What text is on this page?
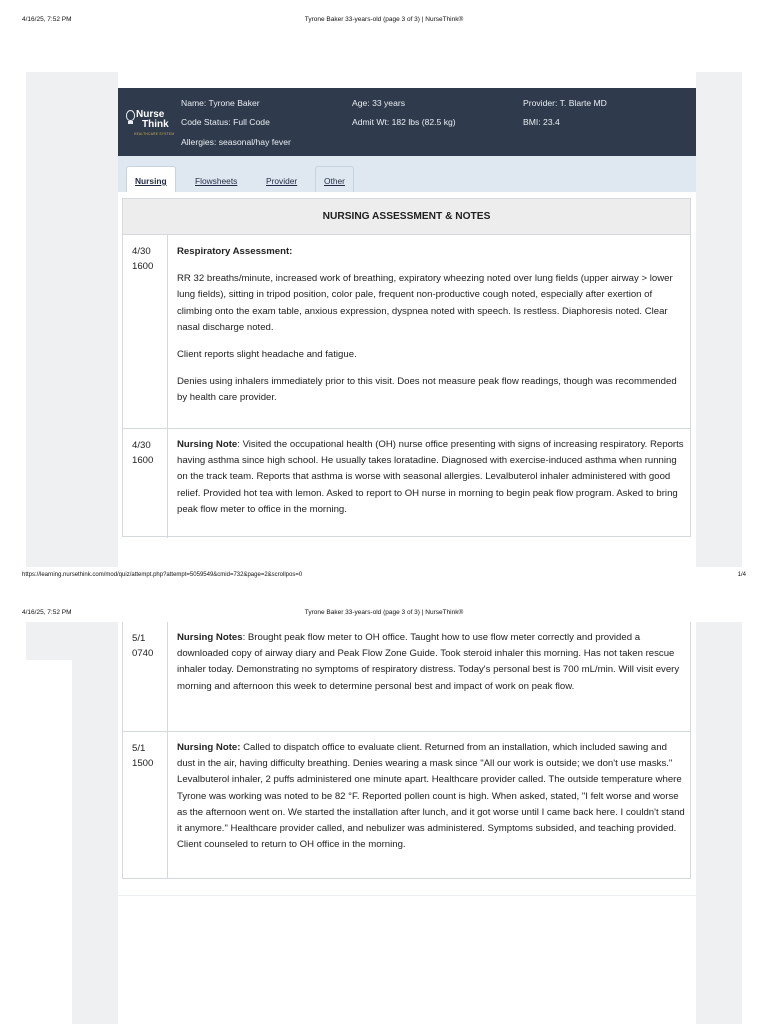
4/16/25, 7:52 PM	Tyrone Baker 33-years-old (page 3 of 3) | NurseThink®
Nurse
Think
HEALTHCARE SYSTEM
Name: Tyrone Baker
Code Status: Full Code
Allergies: seasonal/hay fever
Age: 33 years
Admit Wt: 182 lbs (82.5 kg)
Provider: T. Blarte MD
BMI: 23.4
Nursing	Flowsheets	Provider	Other
NURSING ASSESSMENT & NOTES
4/30
1600

Respiratory Assessment:

RR 32 breaths/minute, increased work of breathing, expiratory wheezing noted over lung fields (upper airway > lower lung fields), sitting in tripod position, color pale, frequent non-productive cough noted, especially after exertion of climbing onto the exam table, anxious expression, dyspnea noted with speech. Is restless. Diaphoresis noted. Clear nasal discharge noted.

Client reports slight headache and fatigue.

Denies using inhalers immediately prior to this visit. Does not measure peak flow readings, though was recommended by health care provider.

4/30
1600
Nursing Note: Visited the occupational health (OH) nurse office presenting with signs of increasing respiratory. Reports having asthma since high school. He usually takes loratadine. Diagnosed with exercise-induced asthma when running on the track team. Reports that asthma is worse with seasonal allergies. Levalbuterol inhaler administered with good relief. Provided hot tea with lemon. Asked to report to OH nurse in morning to begin peak flow program. Asked to bring peak flow meter to office in the morning.
https://learning.nursethink.com/mod/quiz/attempt.php?attempt=5059549&cmid=732&page=2&scrollpos=0	1/4
4/16/25, 7:52 PM	Tyrone Baker 33-years-old (page 3 of 3) | NurseThink®
5/1
0740
Nursing Notes: Brought peak flow meter to OH office. Taught how to use flow meter correctly and provided a downloaded copy of airway diary and Peak Flow Zone Guide. Took steroid inhaler this morning. Has not taken rescue inhaler today. Demonstrating no symptoms of respiratory distress. Today's personal best is 700 mL/min. Will visit every morning and afternoon this week to determine personal best and impact of work on peak flow.
5/1
1500
Nursing Note: Called to dispatch office to evaluate client. Returned from an installation, which included sawing and dust in the air, having difficulty breathing. Denies wearing a mask since "All our work is outside; we don't use masks." Levalbuterol inhaler, 2 puffs administered one minute apart. Healthcare provider called. The outside temperature where Tyrone was working was noted to be 82 °F. Reported pollen count is high. When asked, stated, "I felt worse and worse as the afternoon went on. We started the installation after lunch, and it got worse until I came back here. I couldn't stand it anymore." Healthcare provider called, and nebulizer was administered. Symptoms subsided, and teaching provided. Client counseled to return to OH office in the morning.
